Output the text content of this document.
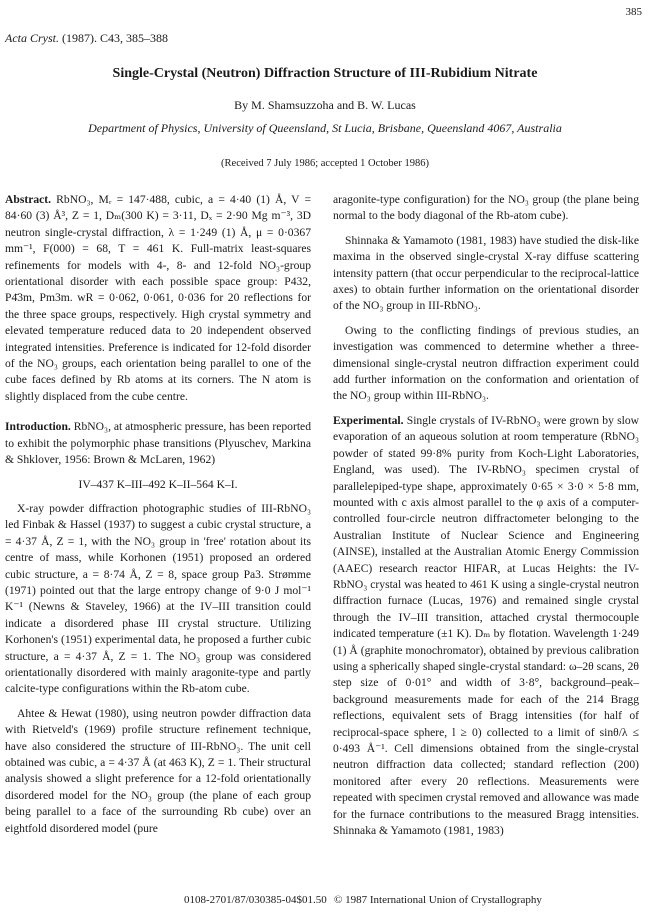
385
Acta Cryst. (1987). C43, 385–388
Single-Crystal (Neutron) Diffraction Structure of III-Rubidium Nitrate
By M. Shamsuzzoha and B. W. Lucas
Department of Physics, University of Queensland, St Lucia, Brisbane, Queensland 4067, Australia
(Received 7 July 1986; accepted 1 October 1986)

Abstract. RbNO₃, Mᵣ = 147·488, cubic, a = 4·40 (1) Å, V = 84·60 (3) Å³, Z = 1, Dₘ(300 K) = 3·11, Dₓ = 2·90 Mg m⁻³, 3D neutron single-crystal diffraction, λ = 1·249 (1) Å, μ = 0·0367 mm⁻¹, F(000) = 68, T = 461 K. Full-matrix least-squares refinements for models with 4-, 8- and 12-fold NO₃-group orientational disorder with each possible space group: P432, P4̄3m, Pm3m. wR = 0·062, 0·061, 0·036 for 20 reflections for the three space groups, respectively. High crystal symmetry and elevated temperature reduced data to 20 independent observed integrated intensities. Preference is indicated for 12-fold disorder of the NO₃ groups, each orientation being parallel to one of the cube faces defined by Rb atoms at its corners. The N atom is slightly displaced from the cube centre.

Introduction. RbNO₃, at atmospheric pressure, has been reported to exhibit the polymorphic phase transitions (Plyuschev, Markina & Shklover, 1956: Brown & McLaren, 1962)

IV–437 K–III–492 K–II–564 K–I.

X-ray powder diffraction photographic studies of III-RbNO₃ led Finbak & Hassel (1937) to suggest a cubic crystal structure, a = 4·37 Å, Z = 1, with the NO₃ group in 'free' rotation about its centre of mass, while Korhonen (1951) proposed an ordered cubic structure, a = 8·74 Å, Z = 8, space group Pa3. Strømme (1971) pointed out that the large entropy change of 9·0 J mol⁻¹ K⁻¹ (Newns & Staveley, 1966) at the IV–III transition could indicate a disordered phase III crystal structure. Utilizing Korhonen's (1951) experimental data, he proposed a further cubic structure, a = 4·37 Å, Z = 1. The NO₃ group was considered orientationally disordered with mainly aragonite-type and partly calcite-type configurations within the Rb-atom cube.

Ahtee & Hewat (1980), using neutron powder diffraction data with Rietveld's (1969) profile structure refinement technique, have also considered the structure of III-RbNO₃. The unit cell obtained was cubic, a = 4·37 Å (at 463 K), Z = 1. Their structural analysis showed a slight preference for a 12-fold orientationally disordered model for the NO₃ group (the plane of each group being parallel to a face of the surrounding Rb cube) over an eightfold disordered model (pure

aragonite-type configuration) for the NO₃ group (the plane being normal to the body diagonal of the Rb-atom cube).

Shinnaka & Yamamoto (1981, 1983) have studied the disk-like maxima in the observed single-crystal X-ray diffuse scattering intensity pattern (that occur perpendicular to the reciprocal-lattice axes) to obtain further information on the orientational disorder of the NO₃ group in III-RbNO₃.

Owing to the conflicting findings of previous studies, an investigation was commenced to determine whether a three-dimensional single-crystal neutron diffraction experiment could add further information on the conformation and orientation of the NO₃ group within III-RbNO₃.

Experimental. Single crystals of IV-RbNO₃ were grown by slow evaporation of an aqueous solution at room temperature (RbNO₃ powder of stated 99·8% purity from Koch-Light Laboratories, England, was used). The IV-RbNO₃ specimen crystal of parallelepiped-type shape, approximately 0·65 × 3·0 × 5·8 mm, mounted with c axis almost parallel to the φ axis of a computer-controlled four-circle neutron diffractometer belonging to the Australian Institute of Nuclear Science and Engineering (AINSE), installed at the Australian Atomic Energy Commission (AAEC) research reactor HIFAR, at Lucas Heights: the IV-RbNO₃ crystal was heated to 461 K using a single-crystal neutron diffraction furnace (Lucas, 1976) and remained single crystal through the IV–III transition, attached crystal thermocouple indicated temperature (±1 K). Dₘ by flotation. Wavelength 1·249 (1) Å (graphite monochromator), obtained by previous calibration using a spherically shaped single-crystal standard: ω–2θ scans, 2θ step size of 0·01° and width of 3·8°, background–peak–background measurements made for each of the 214 Bragg reflections, equivalent sets of Bragg intensities (for half of reciprocal-space sphere, l ≥ 0) collected to a limit of sinθ/λ ≤ 0·493 Å⁻¹. Cell dimensions obtained from the single-crystal neutron diffraction data collected; standard reflection (200) monitored after every 20 reflections. Measurements were repeated with specimen crystal removed and allowance was made for the furnace contributions to the measured Bragg intensities. Shinnaka & Yamamoto (1981, 1983)

0108-2701/87/030385-04$01.50 © 1987 International Union of Crystallography
